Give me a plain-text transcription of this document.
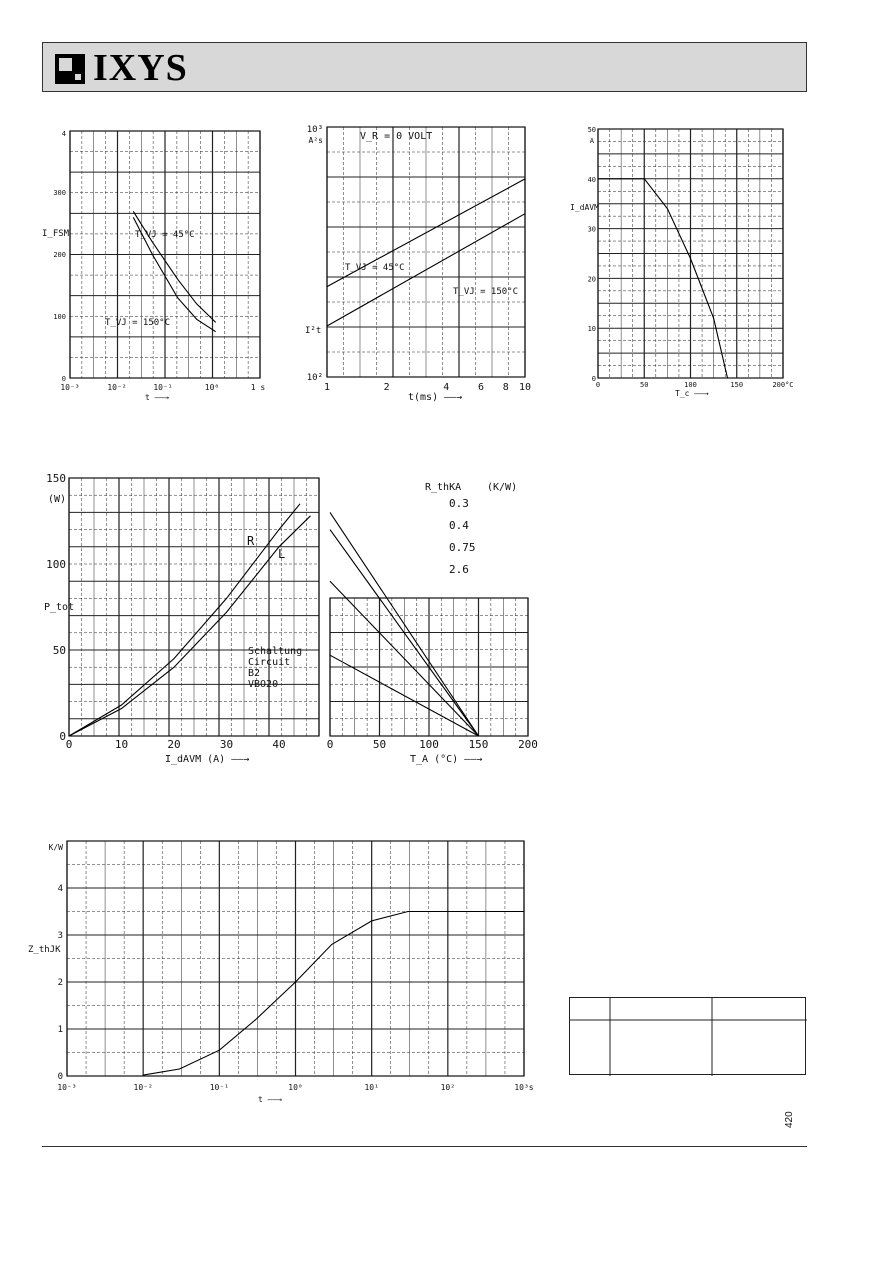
IXYS
10⁻³	10⁻²	10⁻¹	10⁰	1 s
0
100
200
300
4
I_FSM
t ——→
T_VJ = 45°C
T_VJ = 150°C
1	2	4	6 8 10
10²
10³
A²s
I²t
t(ms) ——→
V_R = 0 VOLT
T_VJ = 45°C
T_VJ = 150°C
0	50	100	150	200°C
0
10
20
30
40
50
A
I_dAVM
T_c ——→
0	10	20	30	40	0	50	100	150	200
0
50
100
150
(W)
P_tot
I_dAVM (A) ——→	T_A (°C) ——→
R_thKA	(K/W)
0.3
0.4
0.75
2.6
R
L
Schaltung
Circuit
B2
VBO20
10⁻³	10⁻²	10⁻¹	10⁰	10¹	10²	10³s
0
1
2
3
4
K/W
Z_thJK
t ——→
420
